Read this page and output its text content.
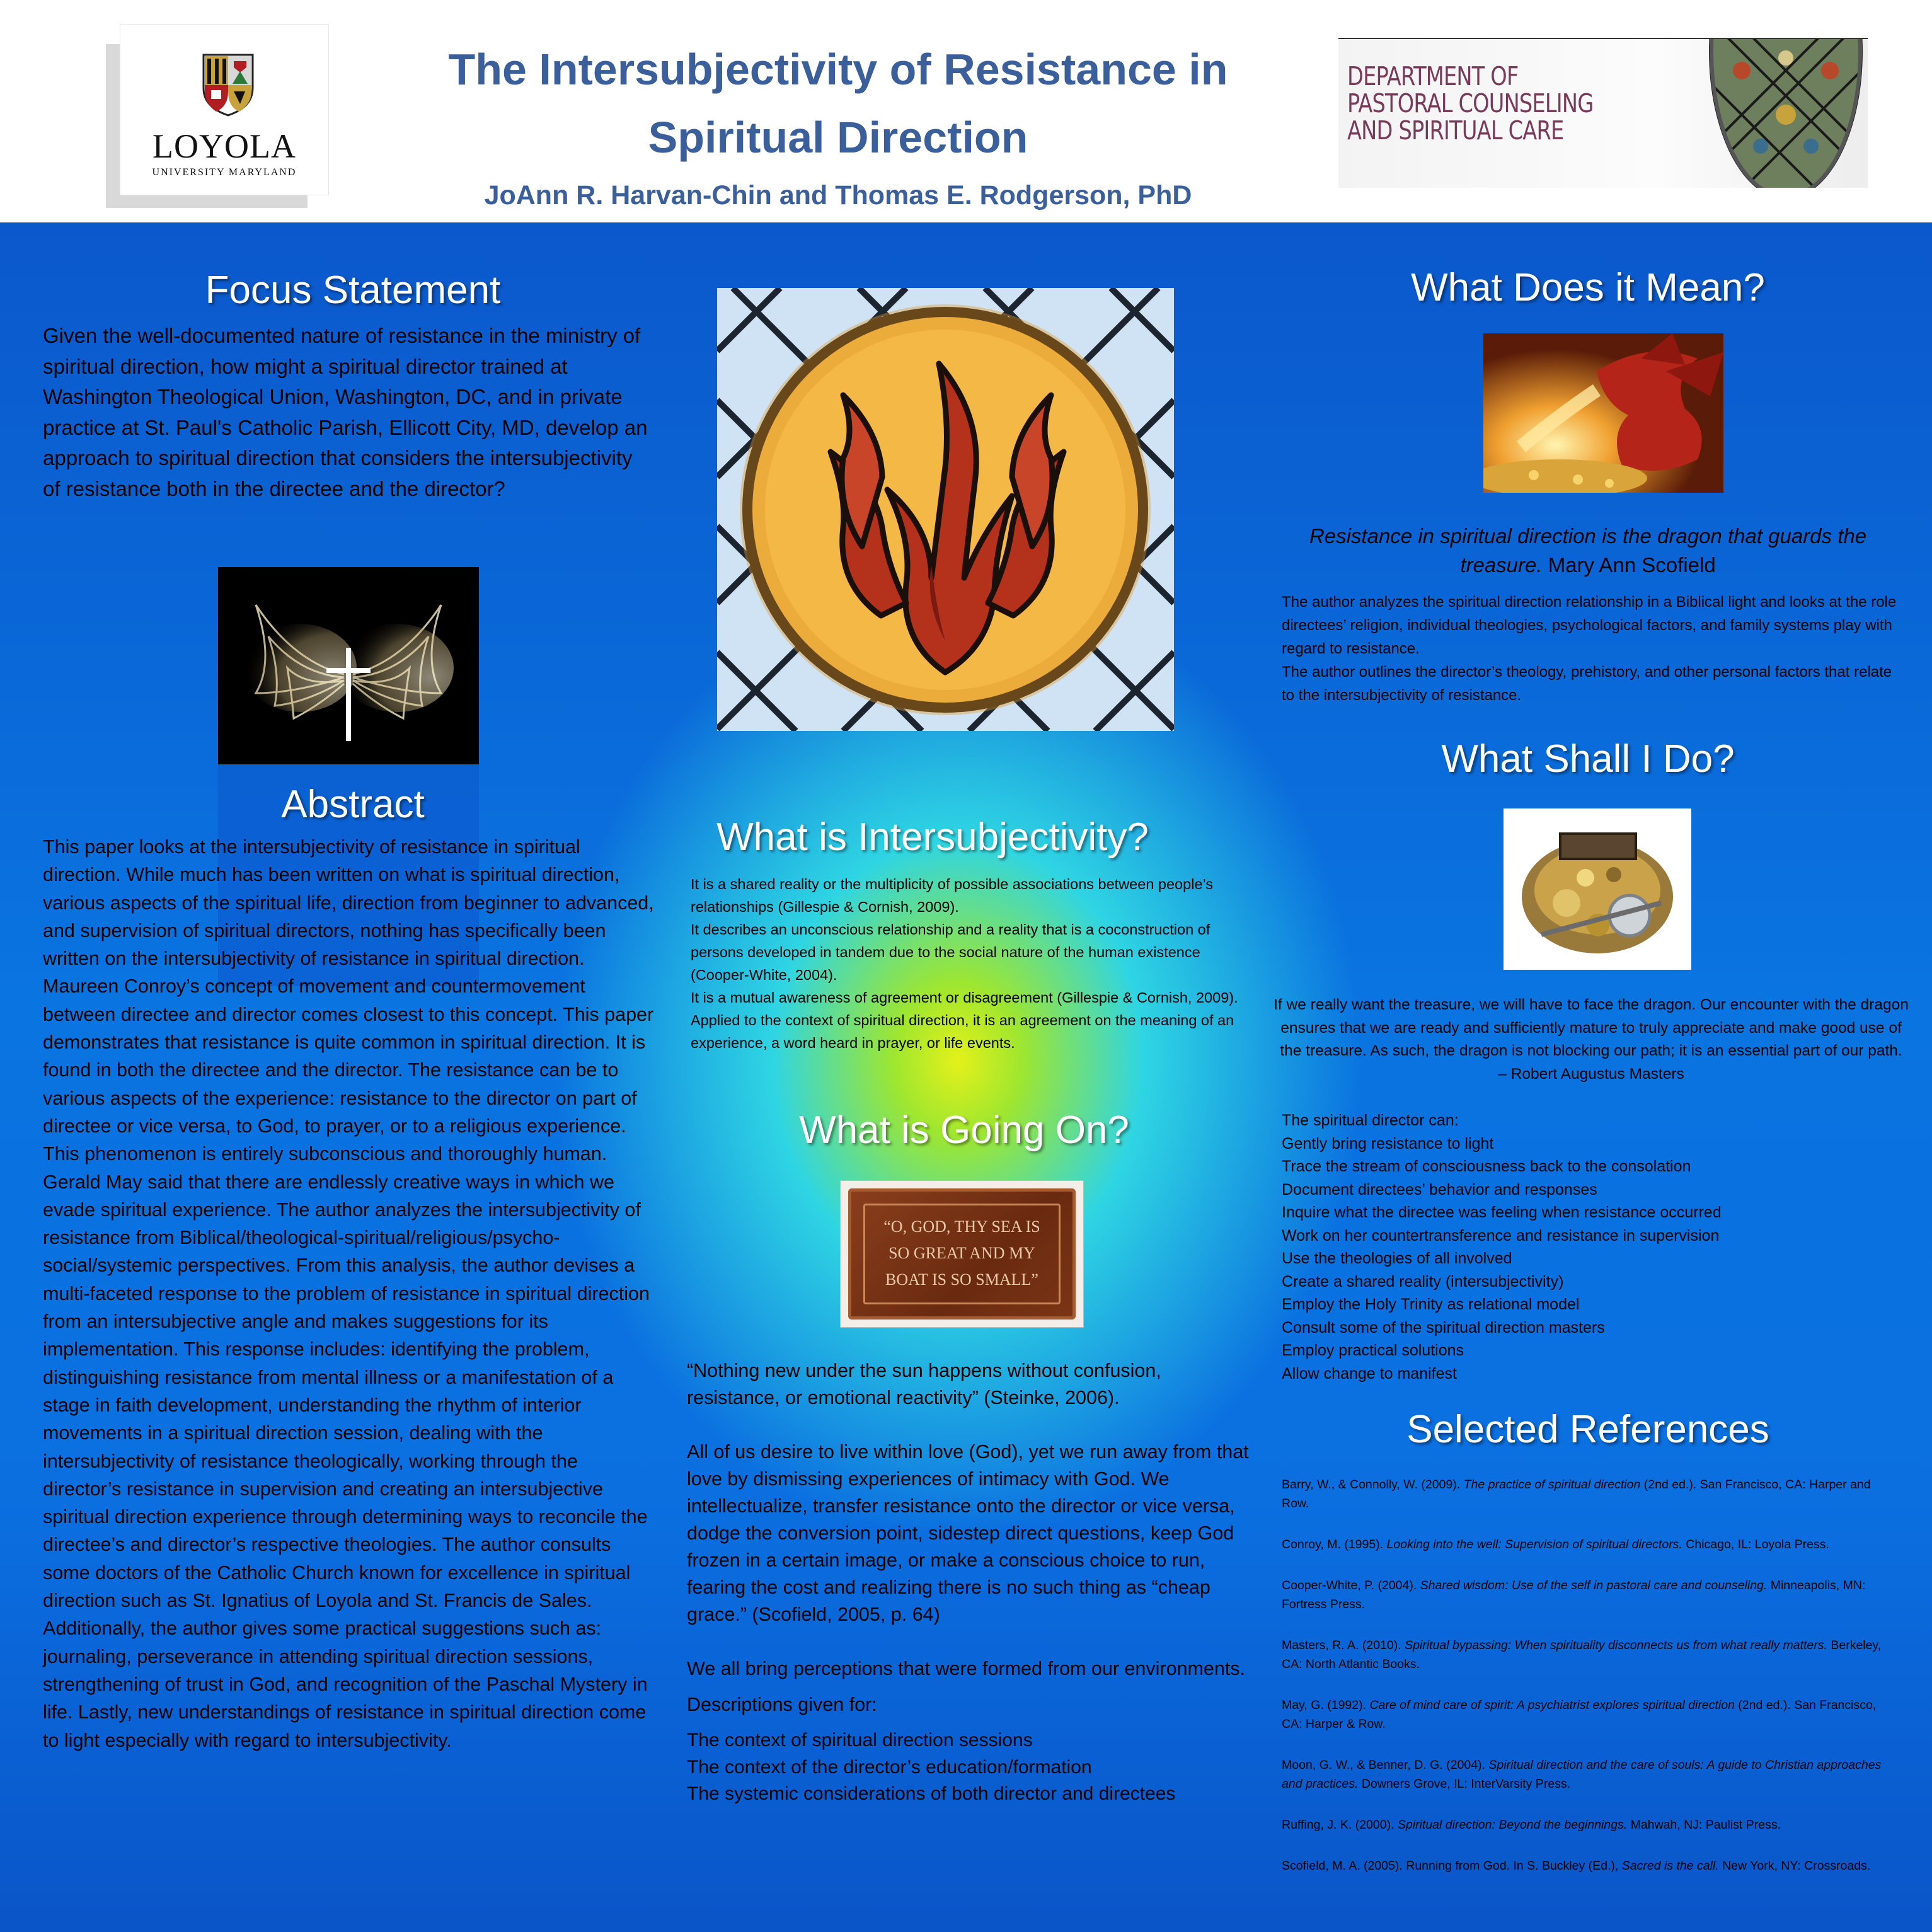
LOYOLA
UNIVERSITY MARYLAND
The Intersubjectivity of Resistance in
Spiritual Direction
JoAnn R. Harvan-Chin and Thomas E. Rodgerson, PhD
DEPARTMENT OF
PASTORAL COUNSELING
AND SPIRITUAL CARE
Focus Statement
Given the well-documented nature of resistance in the ministry of spiritual direction, how might a spiritual director trained at Washington Theological Union, Washington, DC, and in private practice at St. Paul's Catholic Parish, Ellicott City, MD, develop an approach to spiritual direction that considers the intersubjectivity of resistance both in the directee and the director?
Abstract
This paper looks at the intersubjectivity of resistance in spiritual direction. While much has been written on what is spiritual direction, various aspects of the spiritual life, direction from beginner to advanced, and supervision of spiritual directors, nothing has specifically been written on the intersubjectivity of resistance in spiritual direction. Maureen Conroy’s concept of movement and countermovement between directee and director comes closest to this concept. This paper demonstrates that resistance is quite common in spiritual direction. It is found in both the directee and the director. The resistance can be to various aspects of the experience: resistance to the director on part of directee or vice versa, to God, to prayer, or to a religious experience. This phenomenon is entirely subconscious and thoroughly human. Gerald May said that there are endlessly creative ways in which we evade spiritual experience. The author analyzes the intersubjectivity of resistance from Biblical/theological-spiritual/religious/psycho-social/systemic perspectives. From this analysis, the author devises a multi-faceted response to the problem of resistance in spiritual direction from an intersubjective angle and makes suggestions for its implementation. This response includes: identifying the problem, distinguishing resistance from mental illness or a manifestation of a stage in faith development, understanding the rhythm of interior movements in a spiritual direction session, dealing with the intersubjectivity of resistance theologically, working through the director’s resistance in supervision and creating an intersubjective spiritual direction experience through determining ways to reconcile the directee’s and director’s respective theologies. The author consults some doctors of the Catholic Church known for excellence in spiritual direction such as St. Ignatius of Loyola and St. Francis de Sales. Additionally, the author gives some practical suggestions such as: journaling, perseverance in attending spiritual direction sessions, strengthening of trust in God, and recognition of the Paschal Mystery in life. Lastly, new understandings of resistance in spiritual direction come to light especially with regard to intersubjectivity.
What is Intersubjectivity?

It is a shared reality or the multiplicity of possible associations between people’s relationships (Gillespie & Cornish, 2009).

It describes an unconscious relationship and a reality that is a coconstruction of persons developed in tandem due to the social nature of the human existence (Cooper-White, 2004).

It is a mutual awareness of agreement or disagreement (Gillespie & Cornish, 2009).

Applied to the context of spiritual direction, it is an agreement on the meaning of an experience, a word heard in prayer, or life events.

What is Going On?
“O, GOD, THY SEA IS
SO GREAT AND MY
BOAT IS SO SMALL”

“Nothing new under the sun happens without confusion, resistance, or emotional reactivity” (Steinke, 2006).

All of us desire to live within love (God), yet we run away from that love by dismissing experiences of intimacy with God. We intellectualize, transfer resistance onto the director or vice versa, dodge the conversion point, sidestep direct questions, keep God frozen in a certain image, or make a conscious choice to run, fearing the cost and realizing there is no such thing as “cheap grace.” (Scofield, 2005, p. 64)

We all bring perceptions that were formed from our environments.

Descriptions given for:

The context of spiritual direction sessions

The context of the director’s education/formation

The systemic considerations of both director and directees

What Does it Mean?
Resistance in spiritual direction is the dragon that guards the treasure. Mary Ann Scofield

The author analyzes the spiritual direction relationship in a Biblical light and looks at the role directees’ religion, individual theologies, psychological factors, and family systems play with regard to resistance.

The author outlines the director’s theology, prehistory, and other personal factors that relate to the intersubjectivity of resistance.

What Shall I Do?

If we really want the treasure, we will have to face the dragon. Our encounter with the dragon ensures that we are ready and sufficiently mature to truly appreciate and make good use of the treasure. As such, the dragon is not blocking our path; it is an essential part of our path.

– Robert Augustus Masters

The spiritual director can:

Gently bring resistance to light

Trace the stream of consciousness back to the consolation

Document directees’ behavior and responses

Inquire what the directee was feeling when resistance occurred

Work on her countertransference and resistance in supervision

Use the theologies of all involved

Create a shared reality (intersubjectivity)

Employ the Holy Trinity as relational model

Consult some of the spiritual direction masters

Employ practical solutions

Allow change to manifest

Selected References

Barry, W., & Connolly, W. (2009). The practice of spiritual direction (2nd ed.). San Francisco, CA: Harper and Row.

Conroy, M. (1995). Looking into the well: Supervision of spiritual directors. Chicago, IL: Loyola Press.

Cooper-White, P. (2004). Shared wisdom: Use of the self in pastoral care and counseling. Minneapolis, MN: Fortress Press.

Masters, R. A. (2010). Spiritual bypassing: When spirituality disconnects us from what really matters. Berkeley, CA: North Atlantic Books.

May, G. (1992). Care of mind care of spirit: A psychiatrist explores spiritual direction (2nd ed.). San Francisco, CA: Harper & Row.

Moon, G. W., & Benner, D. G. (2004). Spiritual direction and the care of souls: A guide to Christian approaches and practices. Downers Grove, IL: InterVarsity Press.

Ruffing, J. K. (2000). Spiritual direction: Beyond the beginnings. Mahwah, NJ: Paulist Press.

Scofield, M. A. (2005). Running from God. In S. Buckley (Ed.), Sacred is the call. New York, NY: Crossroads.
